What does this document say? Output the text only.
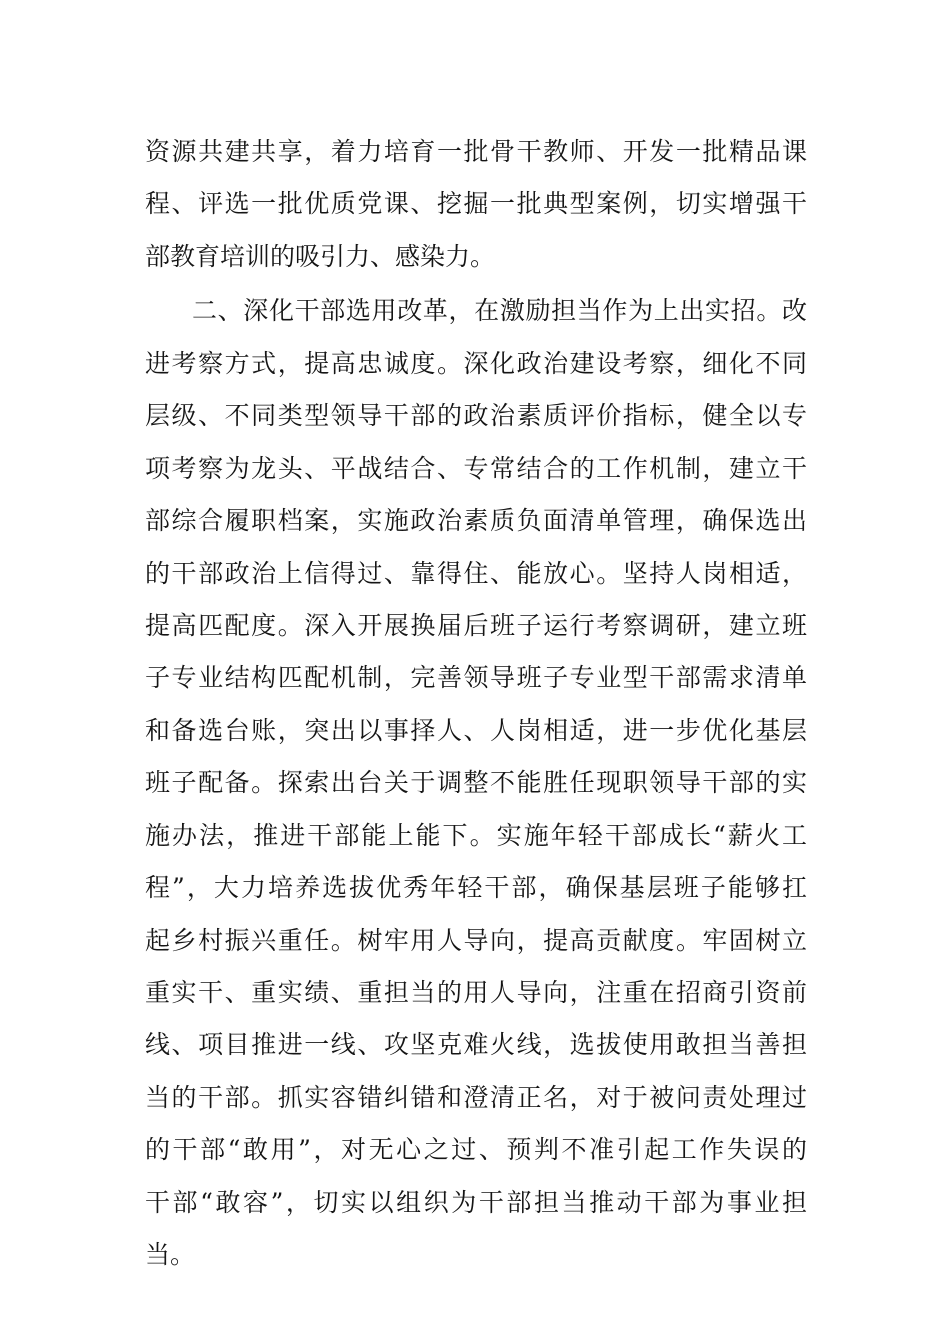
资源共建共享，着力培育一批骨干教师、开发一批精品课
程、评选一批优质党课、挖掘一批典型案例，切实增强干
部教育培训的吸引力、感染力。
二、深化干部选用改革，在激励担当作为上出实招。改
进考察方式，提高忠诚度。深化政治建设考察，细化不同
层级、不同类型领导干部的政治素质评价指标，健全以专
项考察为龙头、平战结合、专常结合的工作机制，建立干
部综合履职档案，实施政治素质负面清单管理，确保选出
的干部政治上信得过、靠得住、能放心。坚持人岗相适，
提高匹配度。深入开展换届后班子运行考察调研，建立班
子专业结构匹配机制，完善领导班子专业型干部需求清单
和备选台账，突出以事择人、人岗相适，进一步优化基层
班子配备。探索出台关于调整不能胜任现职领导干部的实
施办法，推进干部能上能下。实施年轻干部成长“薪火工
程”，大力培养选拔优秀年轻干部，确保基层班子能够扛
起乡村振兴重任。树牢用人导向，提高贡献度。牢固树立
重实干、重实绩、重担当的用人导向，注重在招商引资前
线、项目推进一线、攻坚克难火线，选拔使用敢担当善担
当的干部。抓实容错纠错和澄清正名，对于被问责处理过
的干部“敢用”，对无心之过、预判不准引起工作失误的
干部“敢容”，切实以组织为干部担当推动干部为事业担
当。
